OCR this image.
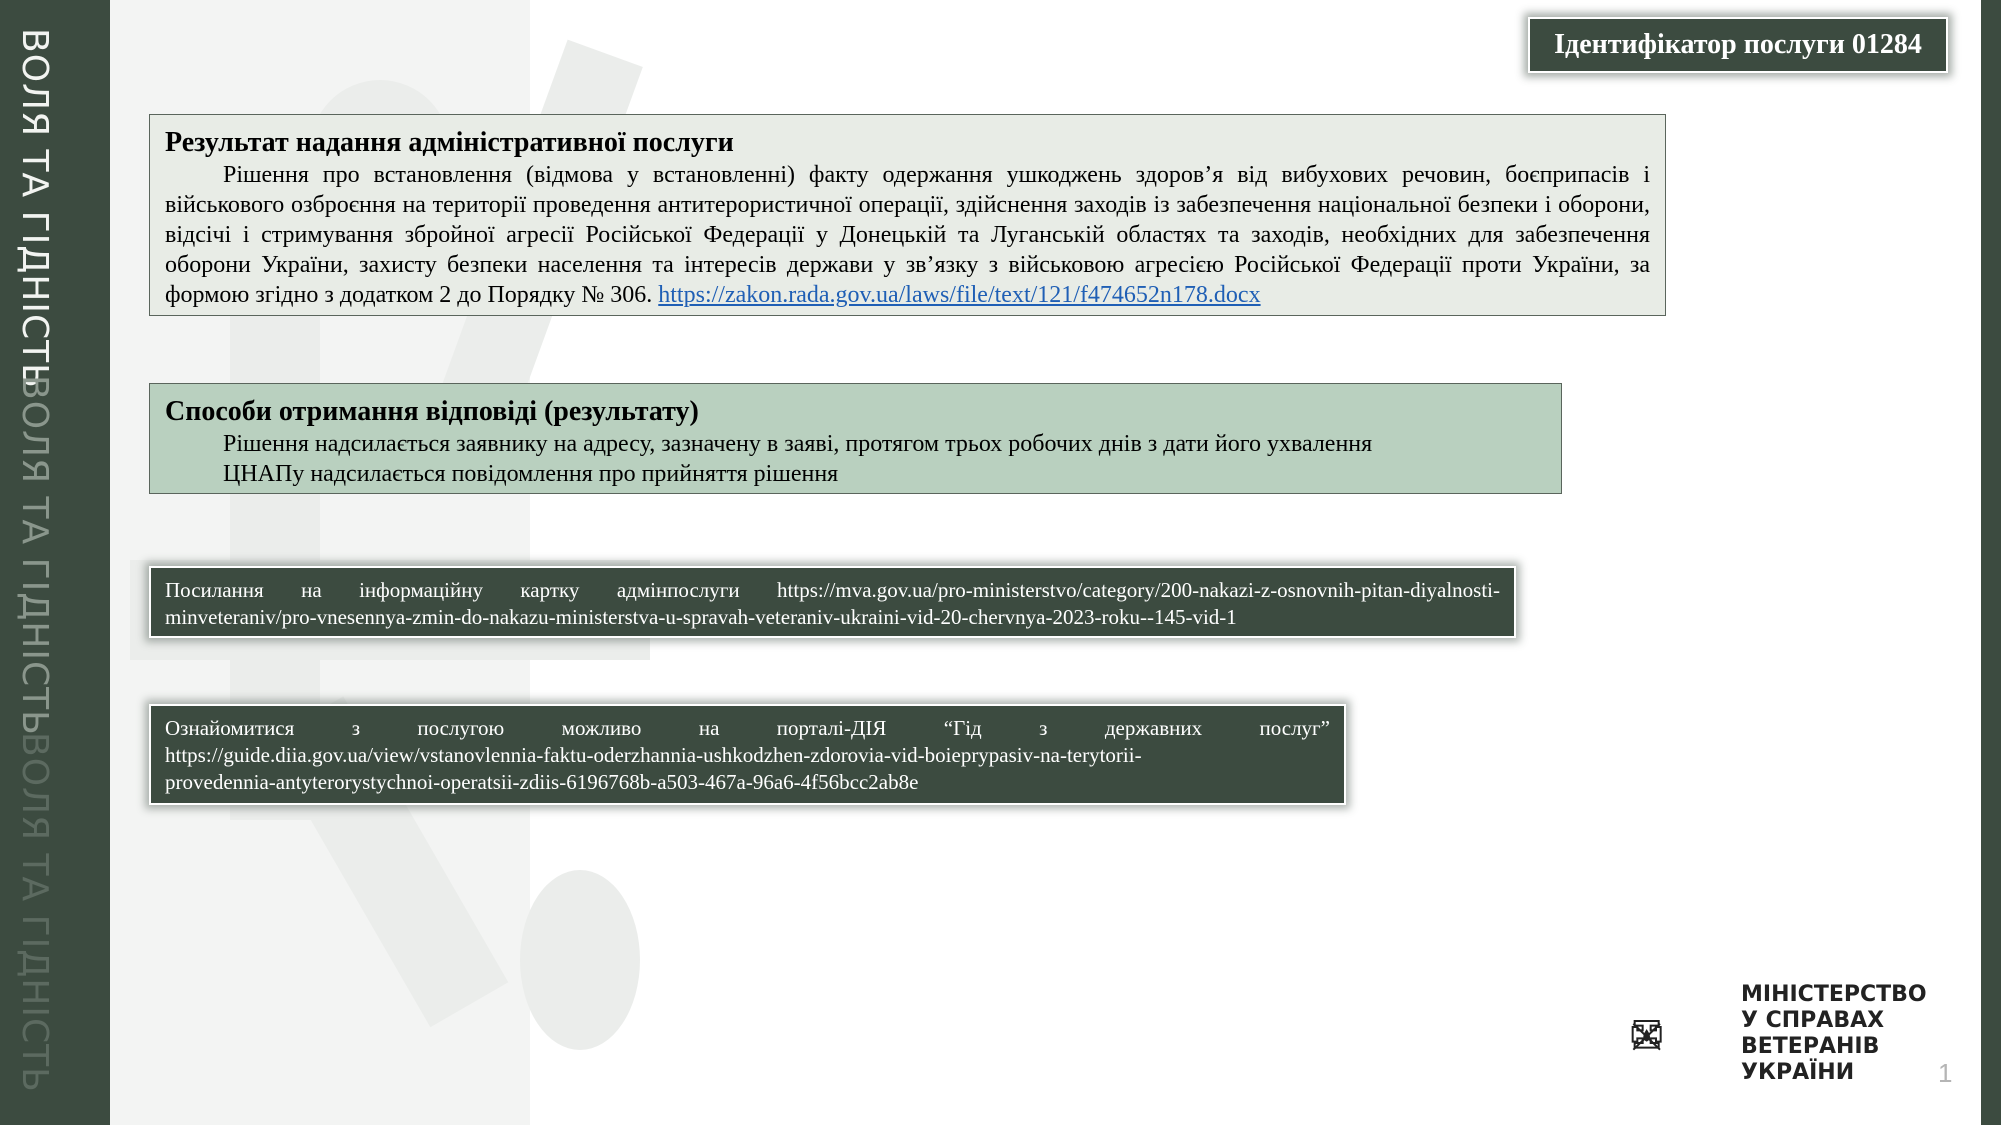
ВОЛЯ ТА ГІДНІСТЬ
ВОЛЯ ТА ГІДНІСТЬ
ВОЛЯ ТА ГІДНІСТЬ
Ідентифікатор послуги 01284
Результат надання адміністративної послуги
Рішення про встановлення (відмова у встановленні) факту одержання ушкоджень здоров’я від вибухових речовин, боєприпасів і військового озброєння на території проведення антитерористичної операції, здійснення заходів із забезпечення національної безпеки і оборони, відсічі і стримування збройної агресії Російської Федерації у Донецькій та Луганській областях та заходів, необхідних для забезпечення оборони України, захисту безпеки населення та інтересів держави у зв’язку з військовою агресією Російської Федерації проти України, за формою згідно з додатком 2 до Порядку № 306. https://zakon.rada.gov.ua/laws/file/text/121/f474652n178.docx
Способи отримання відповіді (результату)
Рішення надсилається заявнику на адресу, зазначену в заяві, протягом трьох робочих днів з дати його ухвалення
ЦНАПу надсилається повідомлення про прийняття рішення
Посилання на інформаційну картку адмінпослуги https://mva.gov.ua/pro-ministerstvo/category/200-nakazi-z-osnovnih-pitan-diyalnosti-
minveteraniv/pro-vnesennya-zmin-do-nakazu-ministerstva-u-spravah-veteraniv-ukraini-vid-20-chervnya-2023-roku--145-vid-1
Ознайомитися з послугою можливо на порталі-ДІЯ “Гід з державних послуг”
https://guide.diia.gov.ua/view/vstanovlennia-faktu-oderzhannia-ushkodzhen-zdorovia-vid-boieprypasiv-na-terytorii-
provedennia-antyterorystychnoi-operatsii-zdiis-6196768b-a503-467a-96a6-4f56bcc2ab8e
МІНІСТЕРСТВО
У СПРАВАХ
ВЕТЕРАНІВ
УКРАЇНИ	1
